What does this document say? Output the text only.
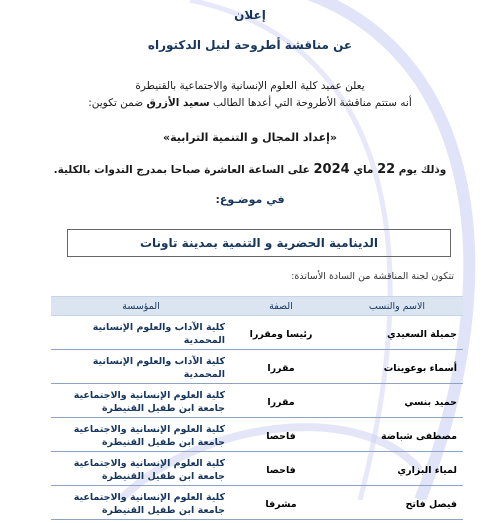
إعلان
عن مناقشة أطروحة لنيل الدكتوراه
يعلن عميد كلية العلوم الإنسانية والاجتماعية بالقنيطرة
أنه ستتم مناقشة الأطروحة التي أعدها الطالب سعيد الأزرق ضمن تكوين:
«إعداد المجال و التنمية الترابية»
وذلك يوم 22 ماي 2024 على الساعة العاشرة صباحا بمدرج الندوات بالكلية.
في موضـوع:
الدينامية الحضرية و التنمية بمدينة تاونات
تتكون لجنة المناقشة من السادة الأساتذة:
الاسم والنسب	الصفة	المؤسسة
جميلة السعيدي	رئيسا ومقررا	كلية الآداب والعلوم الإنسانية المحمدية
أسماء بوعوينات	مقررا	كلية الآداب والعلوم الإنسانية المحمدية
حميد بنسي	مقررا	كلية العلوم الإنسانية والاجتماعية جامعة ابن طفيل القنيطرة
مصطفى شباضة	فاحصا	كلية العلوم الإنسانية والاجتماعية جامعة ابن طفيل القنيطرة
لمياء البزاري	فاحصا	كلية العلوم الإنسانية والاجتماعية جامعة ابن طفيل القنيطرة
فيصل فاتح	مشرفا	كلية العلوم الإنسانية والاجتماعية جامعة ابن طفيل القنيطرة
